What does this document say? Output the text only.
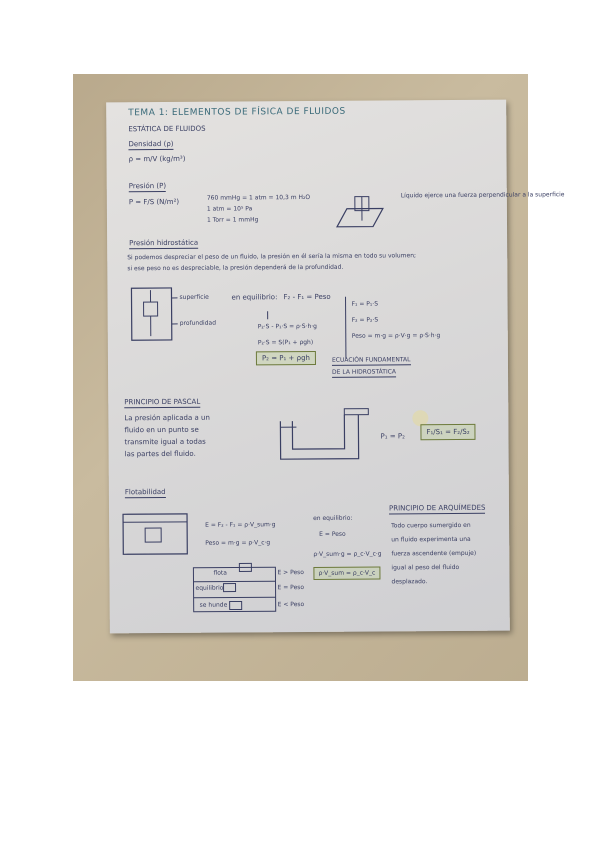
TEMA 1: ELEMENTOS DE FÍSICA DE FLUIDOS
ESTÁTICA DE FLUIDOS
Densidad (ρ)
ρ = m/V (kg/m³)
Presión (P)
P = F/S (N/m²)
760 mmHg = 1 atm = 10,3 m H₂O
1 atm = 10⁵ Pa
1 Torr = 1 mmHg
Líquido ejerce una fuerza perpendicular a la superficie
Presión hidrostática
Si podemos despreciar el peso de un fluido, la presión en él sería la misma en todo su volumen;
si ese peso no es despreciable, la presión dependerá de la profundidad.
superficie
profundidad
en equilibrio: F₂ - F₁ = Peso
P₂·S - P₁·S = ρ·S·h·g
P₂·S = S(P₁ + ρgh)
F₁ = P₁·S
F₂ = P₂·S
Peso = m·g = ρ·V·g = ρ·S·h·g
P₂ = P₁ + ρgh	ECUACIÓN FUNDAMENTAL
DE LA HIDROSTÁTICA
PRINCIPIO DE PASCAL
La presión aplicada a un
fluido en un punto se
transmite igual a todas
las partes del fluido.
P₁ = P₂
F₁/S₁ = F₂/S₂
Flotabilidad
E = F₂ - F₁ = ρ·V_sum·g
Peso = m·g = ρ·V_c·g
en equilibrio:
E = Peso
ρ·V_sum·g = ρ_c·V_c·g
ρ·V_sum = ρ_c·V_c
flota
equilibrio
se hunde
E > Peso
E = Peso
E < Peso
PRINCIPIO DE ARQUÍMEDES
Todo cuerpo sumergido en
un fluido experimenta una
fuerza ascendente (empuje)
igual al peso del fluido
desplazado.
